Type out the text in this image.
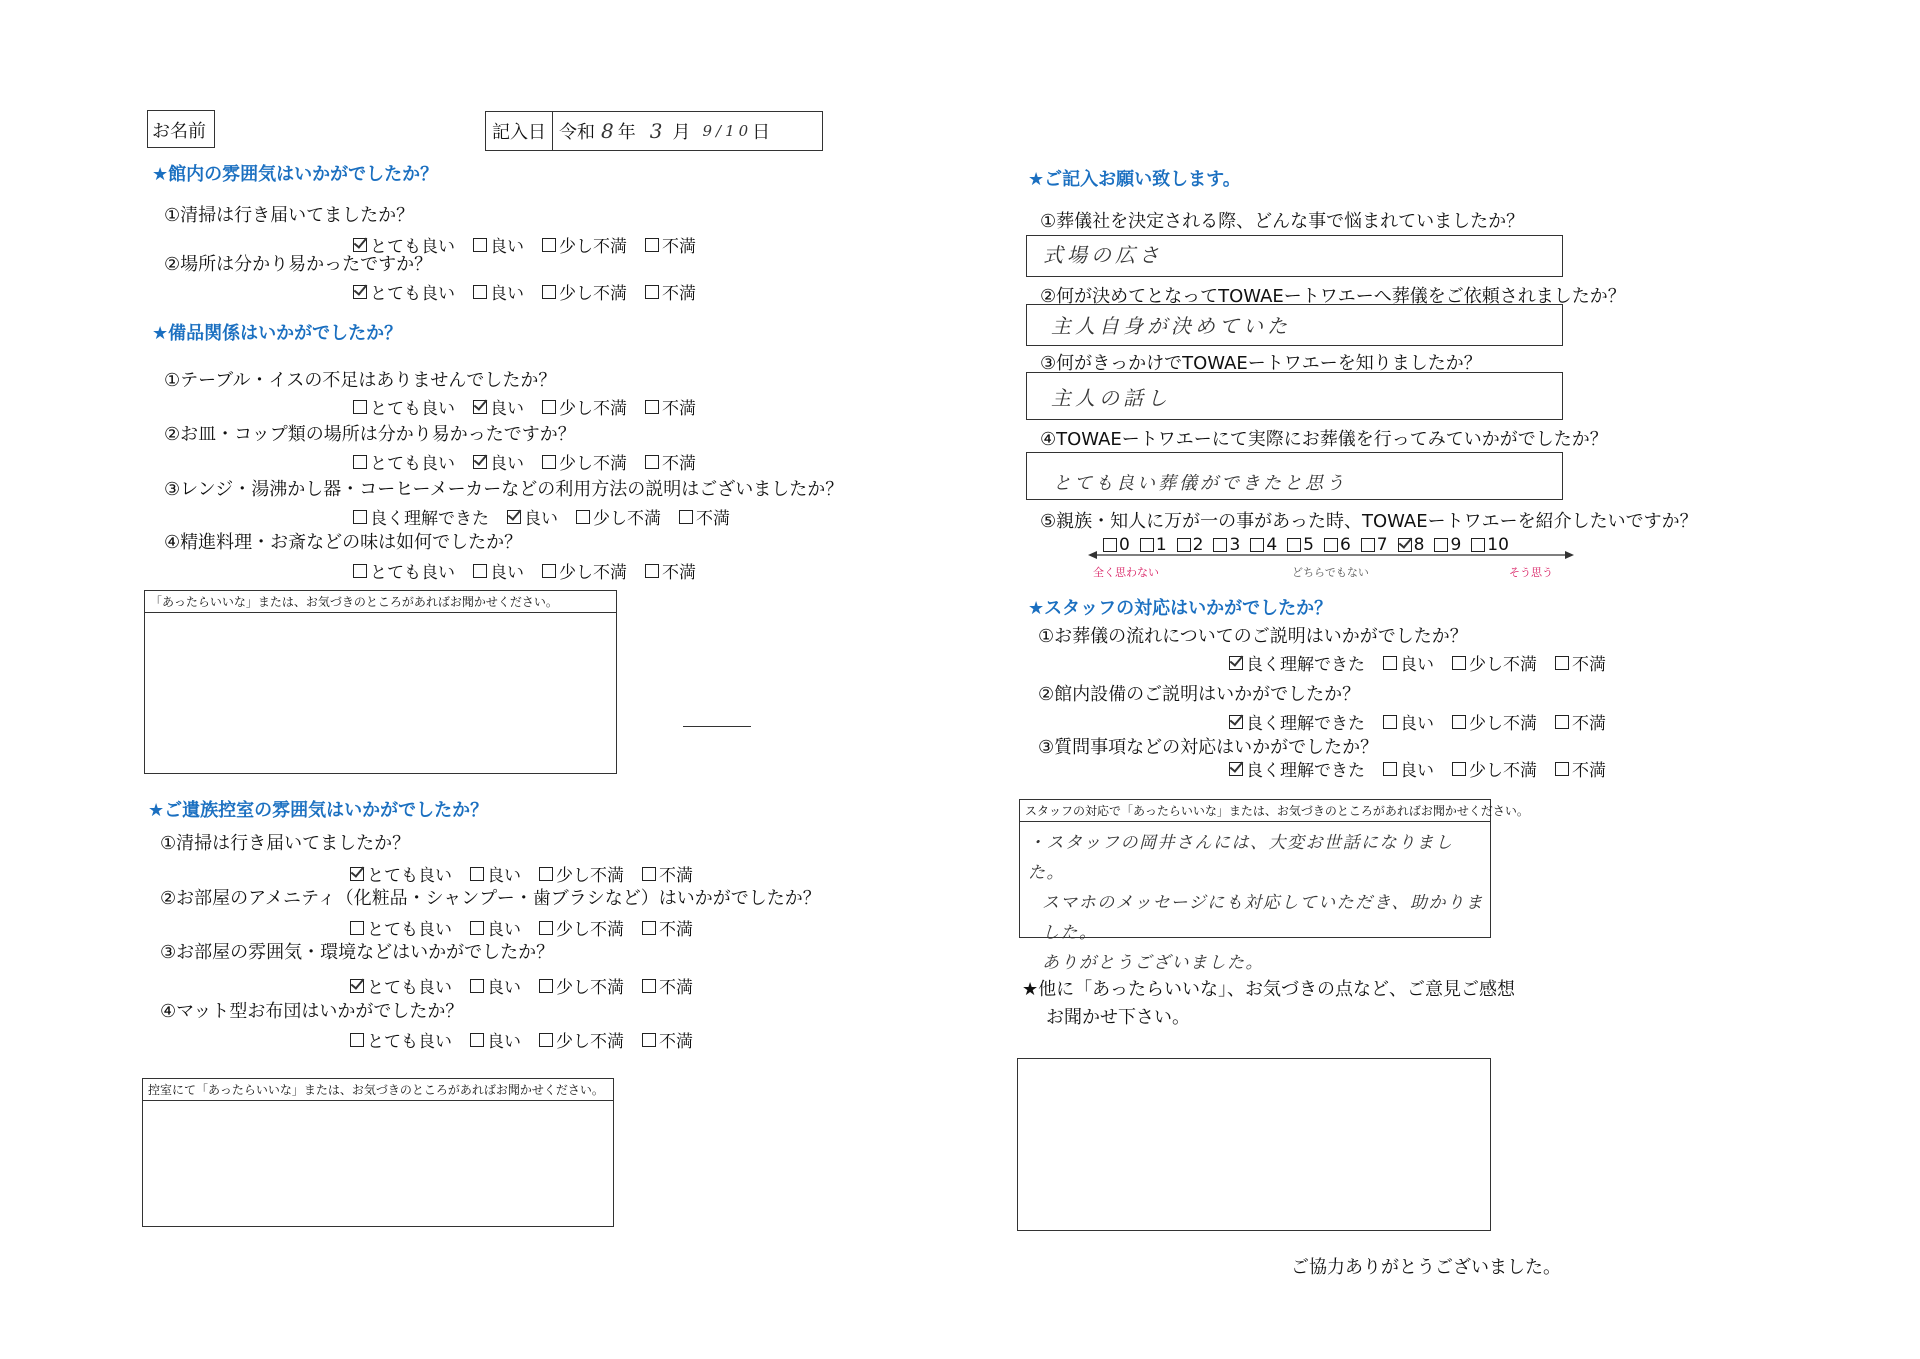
お名前	記入日 令和 8 年 3 月 9/10 日
★館内の雰囲気はいかがでしたか？
①清掃は行き届いてましたか？
とても良い 良い 少し不満 不満
②場所は分かり易かったですか？
とても良い 良い 少し不満 不満
★備品関係はいかがでしたか？
①テーブル・イスの不足はありませんでしたか？
とても良い 良い 少し不満 不満
②お皿・コップ類の場所は分かり易かったですか？
とても良い 良い 少し不満 不満
③レンジ・湯沸かし器・コーヒーメーカーなどの利用方法の説明はございましたか？
良く理解できた 良い 少し不満 不満
④精進料理・お斎などの味は如何でしたか？
とても良い 良い 少し不満 不満
「あったらいいな」または、お気づきのところがあればお聞かせください。
★ご遺族控室の雰囲気はいかがでしたか？
①清掃は行き届いてましたか？
とても良い 良い 少し不満 不満
②お部屋のアメニティ（化粧品・シャンプー・歯ブラシなど）はいかがでしたか？
とても良い 良い 少し不満 不満
③お部屋の雰囲気・環境などはいかがでしたか？
とても良い 良い 少し不満 不満
④マット型お布団はいかがでしたか？
とても良い 良い 少し不満 不満
控室にて「あったらいいな」または、お気づきのところがあればお聞かせください。
★ご記入お願い致します。
①葬儀社を決定される際、どんな事で悩まれていましたか？
式場の広さ
②何が決めてとなってTOWAEートワエーへ葬儀をご依頼されましたか？
主人自身が決めていた
③何がきっかけでTOWAEートワエーを知りましたか？
主人の話し
④TOWAEートワエーにて実際にお葬儀を行ってみていかがでしたか？
とても良い葬儀ができたと思う
⑤親族・知人に万が一の事があった時、TOWAEートワエーを紹介したいですか？
0 1 2 3 4 5 6 7 8 9 10
全く思わない	どちらでもない	そう思う
★スタッフの対応はいかがでしたか？
①お葬儀の流れについてのご説明はいかがでしたか？
良く理解できた 良い 少し不満 不満
②館内設備のご説明はいかがでしたか？
良く理解できた 良い 少し不満 不満
③質問事項などの対応はいかがでしたか？
良く理解できた 良い 少し不満 不満
スタッフの対応で「あったらいいな」または、お気づきのところがあればお聞かせください。
・スタッフの岡井さんには、大変お世話になりました。
スマホのメッセージにも対応していただき、助かりました。
ありがとうございました。
★他に「あったらいいな」、お気づきの点など、ご意見ご感想
お聞かせ下さい。
ご協力ありがとうございました。
